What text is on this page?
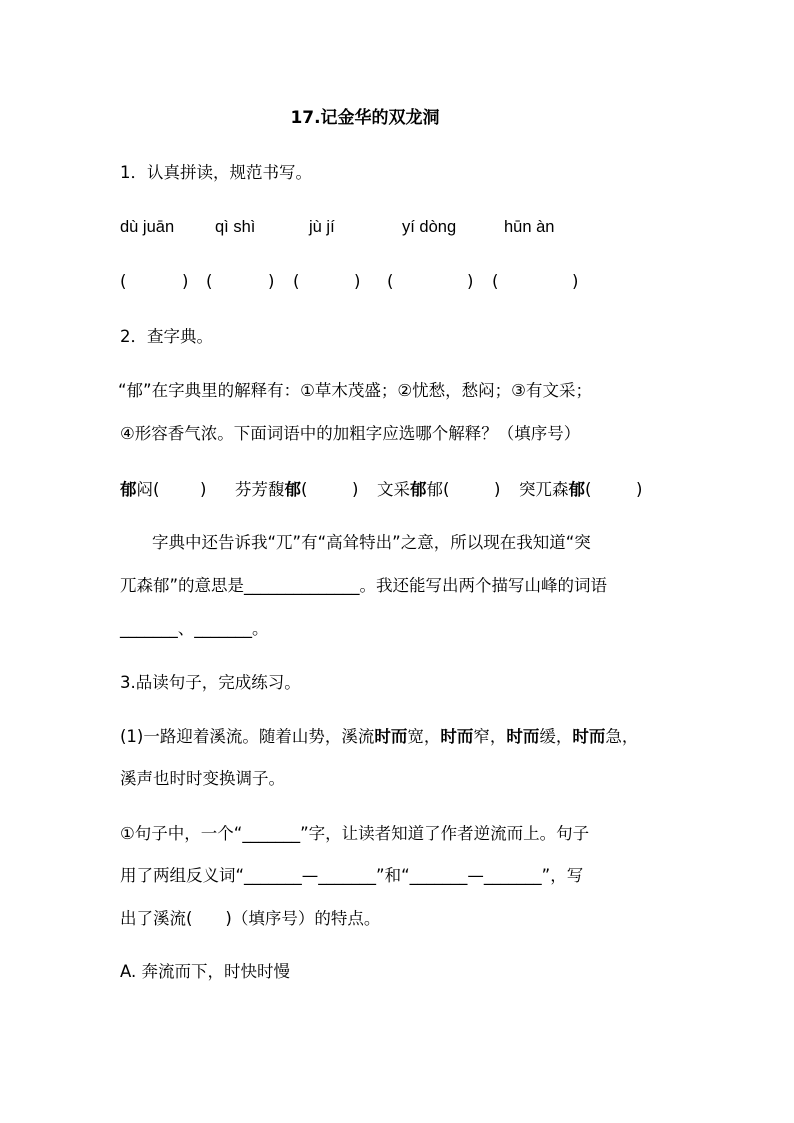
17.记金华的双龙洞
1．认真拼读，规范书写。
dù juān qì shì	jù jí	yí dòng	hūn àn
(	) (	) (	) (	) (	)
2．查字典。
“郁”在字典里的解释有：①草木茂盛；②忧愁，愁闷；③有文采；
④形容香气浓。下面词语中的加粗字应选哪个解释？（填序号）
郁闷( ) 芬芳馥郁(	) 文采郁郁(	) 突兀森郁(	)
字典中还告诉我“兀”有“高耸特出”之意，所以现在我知道“突
兀森郁”的意思是______________。我还能写出两个描写山峰的词语
_______、_______。
3.品读句子，完成练习。
(1)一路迎着溪流。随着山势，溪流时而宽，时而窄，时而缓，时而急，
溪声也时时变换调子。
①句子中，一个“_______”字，让读者知道了作者逆流而上。句子
用了两组反义词“_______—_______”和“_______—_______”，写
出了溪流(　　)（填序号）的特点。
A. 奔流而下，时快时慢
